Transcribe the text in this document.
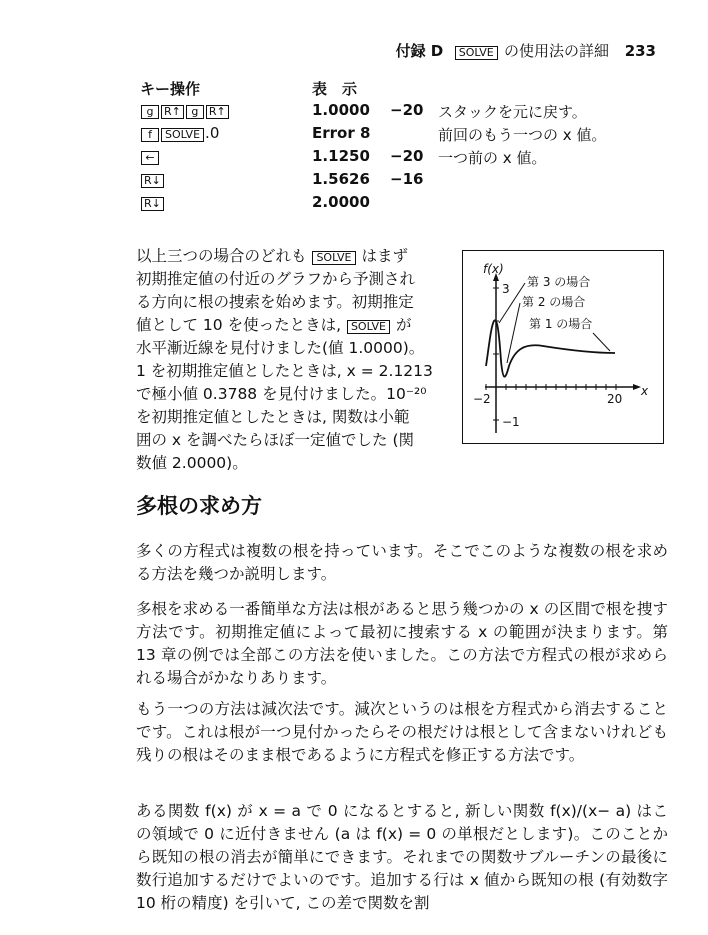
付録 D SOLVE の使用法の詳細 233
キー操作	表　示
g R↑ g R↑	1.0000 −20 スタックを元に戻す。
f SOLVE .0	Error 8	前回のもう一つの x 値。
←	1.1250 −20 一つ前の x 値。
R↓	1.5626 −16
R↓	2.0000
以上三つの場合のどれも SOLVE はまず
初期推定値の付近のグラフから予測され
る方向に根の捜索を始めます。初期推定
値として 10 を使ったときは, SOLVE が
水平漸近線を見付けました(値 1.0000)。
1 を初期推定値としたときは, x = 2.1213
で極小値 0.3788 を見付けました。10⁻²⁰
を初期推定値としたときは, 関数は小範
囲の x を調べたらほぼ一定値でした (関
数値 2.0000)。
f(x)
3
−1
−2	20
x
第 3 の場合
第 2 の場合
第 1 の場合
多根の求め方
多くの方程式は複数の根を持っています。そこでこのような複数の根を求める方法を幾つか説明します。
多根を求める一番簡単な方法は根があると思う幾つかの x の区間で根を捜す方法です。初期推定値によって最初に捜索する x の範囲が決まります。第 13 章の例では全部この方法を使いました。この方法で方程式の根が求められる場合がかなりあります。
もう一つの方法は減次法です。減次というのは根を方程式から消去することです。これは根が一つ見付かったらその根だけは根として含まないけれども残りの根はそのまま根であるように方程式を修正する方法です。
ある関数 f(x) が x = a で 0 になるとすると, 新しい関数 f(x)/(x− a) はこの領域で 0 に近付きません (a は f(x) = 0 の単根だとします)。このことから既知の根の消去が簡単にできます。それまでの関数サブルーチンの最後に数行追加するだけでよいのです。追加する行は x 値から既知の根 (有効数字 10 桁の精度) を引いて, この差で関数を割
